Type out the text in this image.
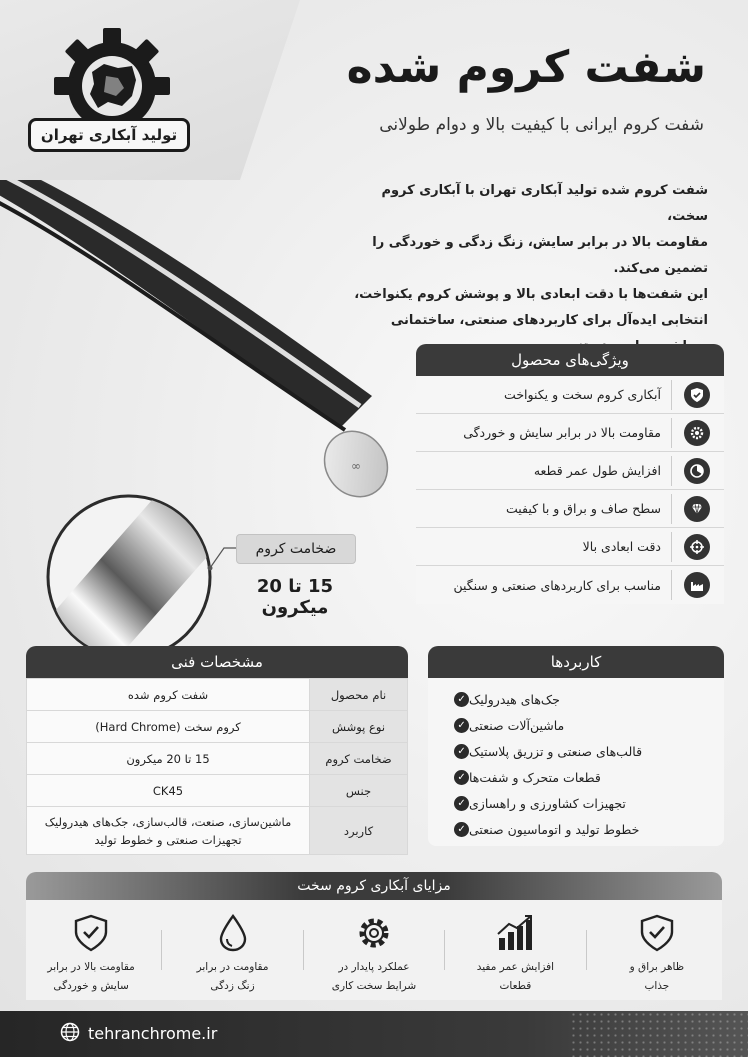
تولید آبکاری تهران
شفت کروم شده
شفت کروم ایرانی با کیفیت بالا و دوام طولانی

شفت کروم شده تولید آبکاری تهران با آبکاری کروم سخت،

مقاومت بالا در برابر سایش، زنگ زدگی و خوردگی را

تضمین می‌کند.

این شفت‌ها با دقت ابعادی بالا و پوشش کروم یکنواخت،

انتخابی ایده‌آل برای کاربردهای صنعتی، ساختمانی

∞
ضخامت کروم
15 تا 20 میکرون
ویژگی‌های محصول
آبکاری کروم سخت و یکنواخت
مقاومت بالا در برابر سایش و خوردگی
افزایش طول عمر قطعه
سطح صاف و براق و با کیفیت
دقت ابعادی بالا
مناسب برای کاربردهای صنعتی و سنگین
مشخصات فنی
نام محصول	شفت کروم شده
نوع پوشش	کروم سخت (Hard Chrome)
ضخامت کروم	15 تا 20 میکرون
جنس	CK45
کاربرد	ماشین‌سازی، صنعت، قالب‌سازی، جک‌های هیدرولیک
تجهیزات صنعتی و خطوط تولید
کاربردها
✓ جک‌های هیدرولیک
✓ ماشین‌آلات صنعتی
✓ قالب‌های صنعتی و تزریق پلاستیک
✓ قطعات متحرک و شفت‌ها
✓ تجهیزات کشاورزی و راهسازی
✓ خطوط تولید و اتوماسیون صنعتی
مزایای آبکاری کروم سخت
ظاهر براق و
جذاب
افزایش عمر مفید
قطعات
عملکرد پایدار در
شرایط سخت کاری
مقاومت در برابر
زنگ زدگی
مقاومت بالا در برابر
سایش و خوردگی
tehranchrome.ir
